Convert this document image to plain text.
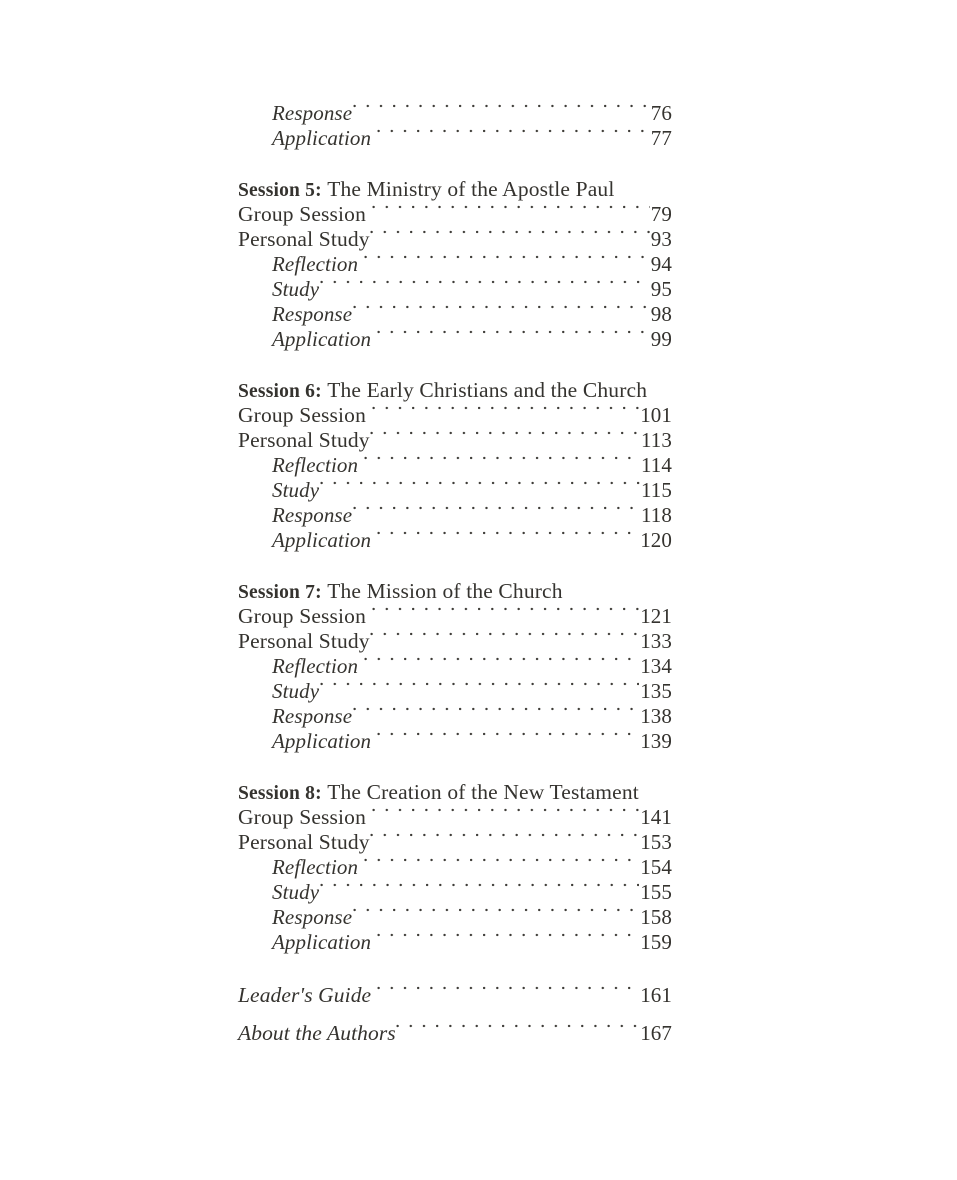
Response	76
Application	77
Session 5: The Ministry of the Apostle Paul
Group Session	79
Personal Study	93
Reflection	94
Study	95
Response	98
Application	99
Session 6: The Early Christians and the Church
Group Session	101
Personal Study	113
Reflection	114
Study	115
Response	118
Application	120
Session 7: The Mission of the Church
Group Session	121
Personal Study	133
Reflection	134
Study	135
Response	138
Application	139
Session 8: The Creation of the New Testament
Group Session	141
Personal Study	153
Reflection	154
Study	155
Response	158
Application	159
Leader's Guide	161
About the Authors	167
